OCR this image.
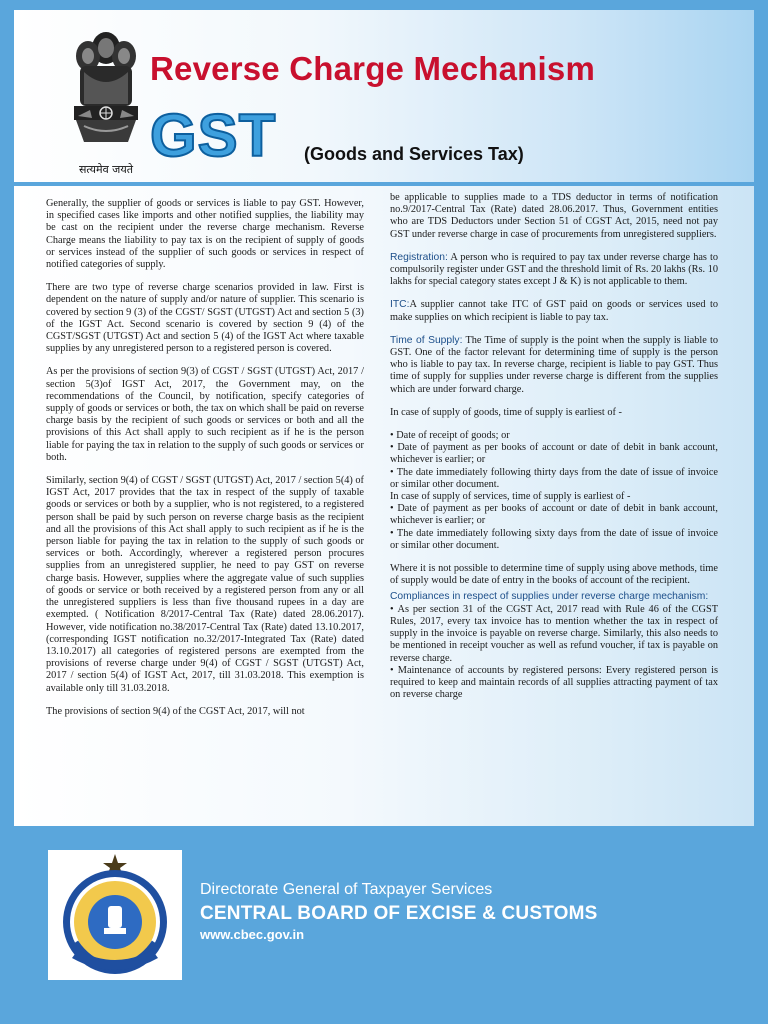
सत्यमेव जयते
Reverse Charge Mechanism
GST (Goods and Services Tax)

Generally, the supplier of goods or services is liable to pay GST. However, in specified cases like imports and other notified supplies, the liability may be cast on the recipient under the reverse charge mechanism. Reverse Charge means the liability to pay tax is on the recipient of supply of goods or services instead of the supplier of such goods or services in respect of notified categories of supply.

There are two type of reverse charge scenarios provided in law. First is dependent on the nature of supply and/or nature of supplier. This scenario is covered by section 9 (3) of the CGST/ SGST (UTGST) Act and section 5 (3) of the IGST Act. Second scenario is covered by section 9 (4) of the CGST/SGST (UTGST) Act and section 5 (4) of the IGST Act where taxable supplies by any unregistered person to a registered person is covered.

As per the provisions of section 9(3) of CGST / SGST (UTGST) Act, 2017 / section 5(3)of IGST Act, 2017, the Government may, on the recommendations of the Council, by notification, specify categories of supply of goods or services or both, the tax on which shall be paid on reverse charge basis by the recipient of such goods or services or both and all the provisions of this Act shall apply to such recipient as if he is the person liable for paying the tax in relation to the supply of such goods or services or both.

Similarly, section 9(4) of CGST / SGST (UTGST) Act, 2017 / section 5(4) of IGST Act, 2017 provides that the tax in respect of the supply of taxable goods or services or both by a supplier, who is not registered, to a registered person shall be paid by such person on reverse charge basis as the recipient and all the provisions of this Act shall apply to such recipient as if he is the person liable for paying the tax in relation to the supply of such goods or services or both. Accordingly, wherever a registered person procures supplies from an unregistered supplier, he need to pay GST on reverse charge basis. However, supplies where the aggregate value of such supplies of goods or service or both received by a registered person from any or all the unregistered suppliers is less than five thousand rupees in a day are exempted. ( Notification 8/2017-Central Tax (Rate) dated 28.06.2017). However, vide notification no.38/2017-Central Tax (Rate) dated 13.10.2017, (corresponding IGST notification no.32/2017-Integrated Tax (Rate) dated 13.10.2017) all categories of registered persons are exempted from the provisions of reverse charge under 9(4) of CGST / SGST (UTGST) Act, 2017 / section 5(4) of IGST Act, 2017, till 31.03.2018. This exemption is available only till 31.03.2018.

The provisions of section 9(4) of the CGST Act, 2017, will not

be applicable to supplies made to a TDS deductor in terms of notification no.9/2017-Central Tax (Rate) dated 28.06.2017. Thus, Government entities who are TDS Deductors under Section 51 of CGST Act, 2015, need not pay GST under reverse charge in case of procurements from unregistered suppliers.

Registration: A person who is required to pay tax under reverse charge has to compulsorily register under GST and the threshold limit of Rs. 20 lakhs (Rs. 10 lakhs for special category states except J & K) is not applicable to them.

ITC:A supplier cannot take ITC of GST paid on goods or services used to make supplies on which recipient is liable to pay tax.

Time of Supply: The Time of supply is the point when the supply is liable to GST. One of the factor relevant for determining time of supply is the person who is liable to pay tax. In reverse charge, recipient is liable to pay GST. Thus time of supply for supplies under reverse charge is different from the supplies which are under forward charge.

In case of supply of goods, time of supply is earliest of -

• Date of receipt of goods; or
• Date of payment as per books of account or date of debit in bank account, whichever is earlier; or
• The date immediately following thirty days from the date of issue of invoice or similar other document.

In case of supply of services, time of supply is earliest of -

• Date of payment as per books of account or date of debit in bank account, whichever is earlier; or
• The date immediately following sixty days from the date of issue of invoice or similar other document.

Where it is not possible to determine time of supply using above methods, time of supply would be date of entry in the books of account of the recipient.

Compliances in respect of supplies under reverse charge mechanism:

• As per section 31 of the CGST Act, 2017 read with Rule 46 of the CGST Rules, 2017, every tax invoice has to mention whether the tax in respect of supply in the invoice is payable on reverse charge. Similarly, this also needs to be mentioned in receipt voucher as well as refund voucher, if tax is payable on reverse charge.
• Maintenance of accounts by registered persons: Every registered person is required to keep and maintain records of all supplies attracting payment of tax on reverse charge
Directorate General of Taxpayer Services
CENTRAL BOARD OF EXCISE & CUSTOMS
www.cbec.gov.in
